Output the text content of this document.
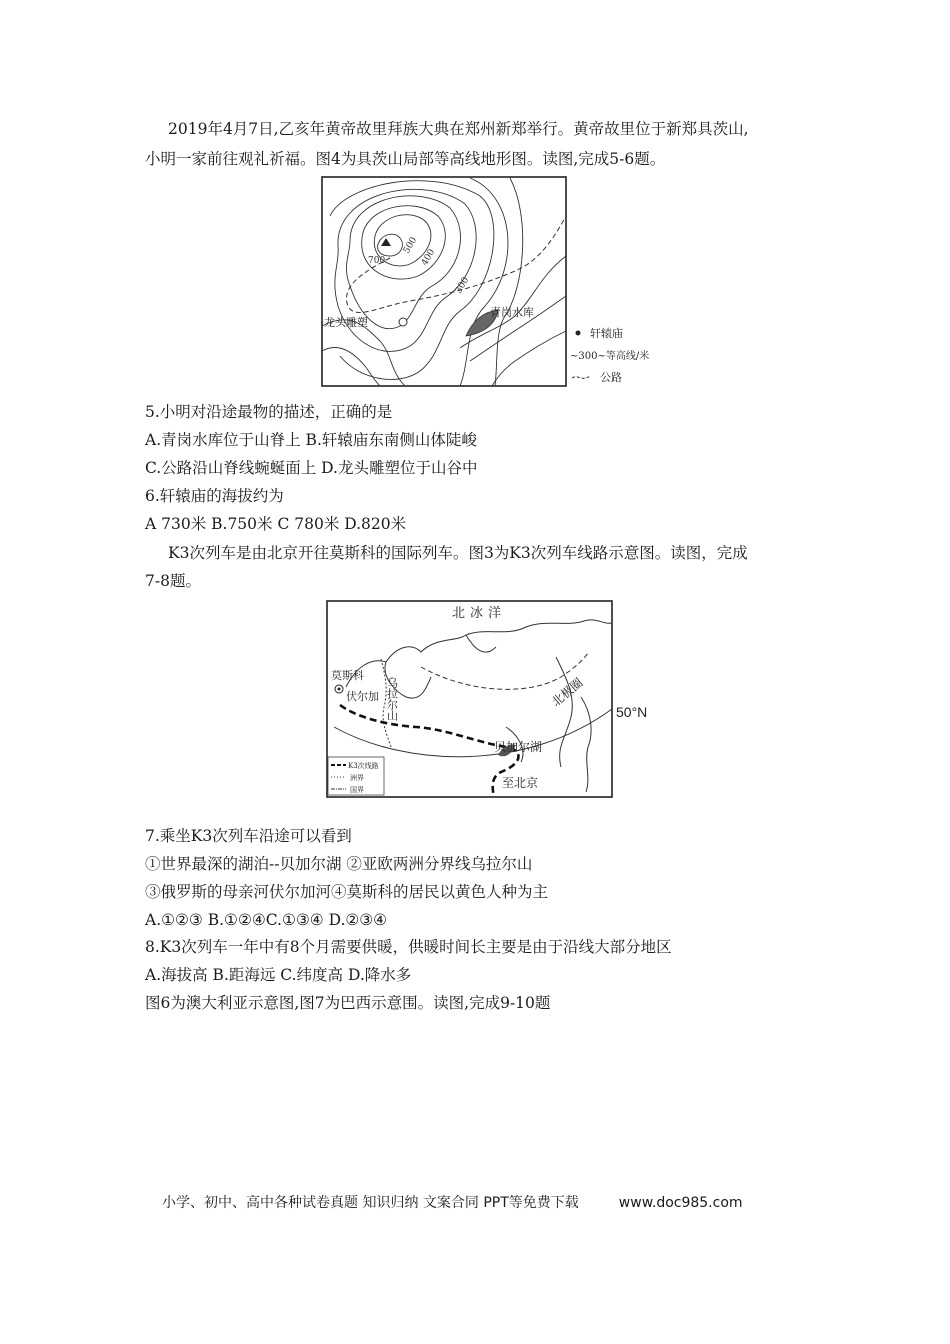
2019年4月7日,乙亥年黄帝故里拜族大典在郑州新郑举行。黄帝故里位于新郑具茨山,
小明一家前往观礼祈福。图4为具茨山局部等高线地形图。读图,完成5-6题。
700
500
400
300
青岗水库
龙头雕塑
轩辕庙
~300~等高线/米
公路
5.小明对沿途最物的描述，正确的是
A.青岗水库位于山脊上 B.轩辕庙东南侧山体陡峻
C.公路沿山脊线蜿蜒面上 D.龙头雕塑位于山谷中
6.轩辕庙的海拔约为
A 730米 B.750米 C 780米 D.820米
K3次列车是由北京开往莫斯科的国际列车。图3为K3次列车线路示意图。读图，完成
7-8题。
北冰洋
北极圈
50°N
贝加尔湖
至北京
莫斯科
伏尔加 乌拉尔山
K3次线路
洲界
国界
7.乘坐K3次列车沿途可以看到
①世界最深的湖泊--贝加尔湖 ②亚欧两洲分界线乌拉尔山
③俄罗斯的母亲河伏尔加河④莫斯科的居民以黄色人种为主
A.①②③ B.①②④C.①③④ D.②③④
8.K3次列车一年中有8个月需要供暖，供暖时间长主要是由于沿线大部分地区
A.海拔高 B.距海远 C.纬度高 D.降水多
图6为澳大利亚示意图,图7为巴西示意围。读图,完成9-10题
小学、初中、高中各种试卷真题 知识归纳 文案合同 PPT等免费下载	www.doc985.com
